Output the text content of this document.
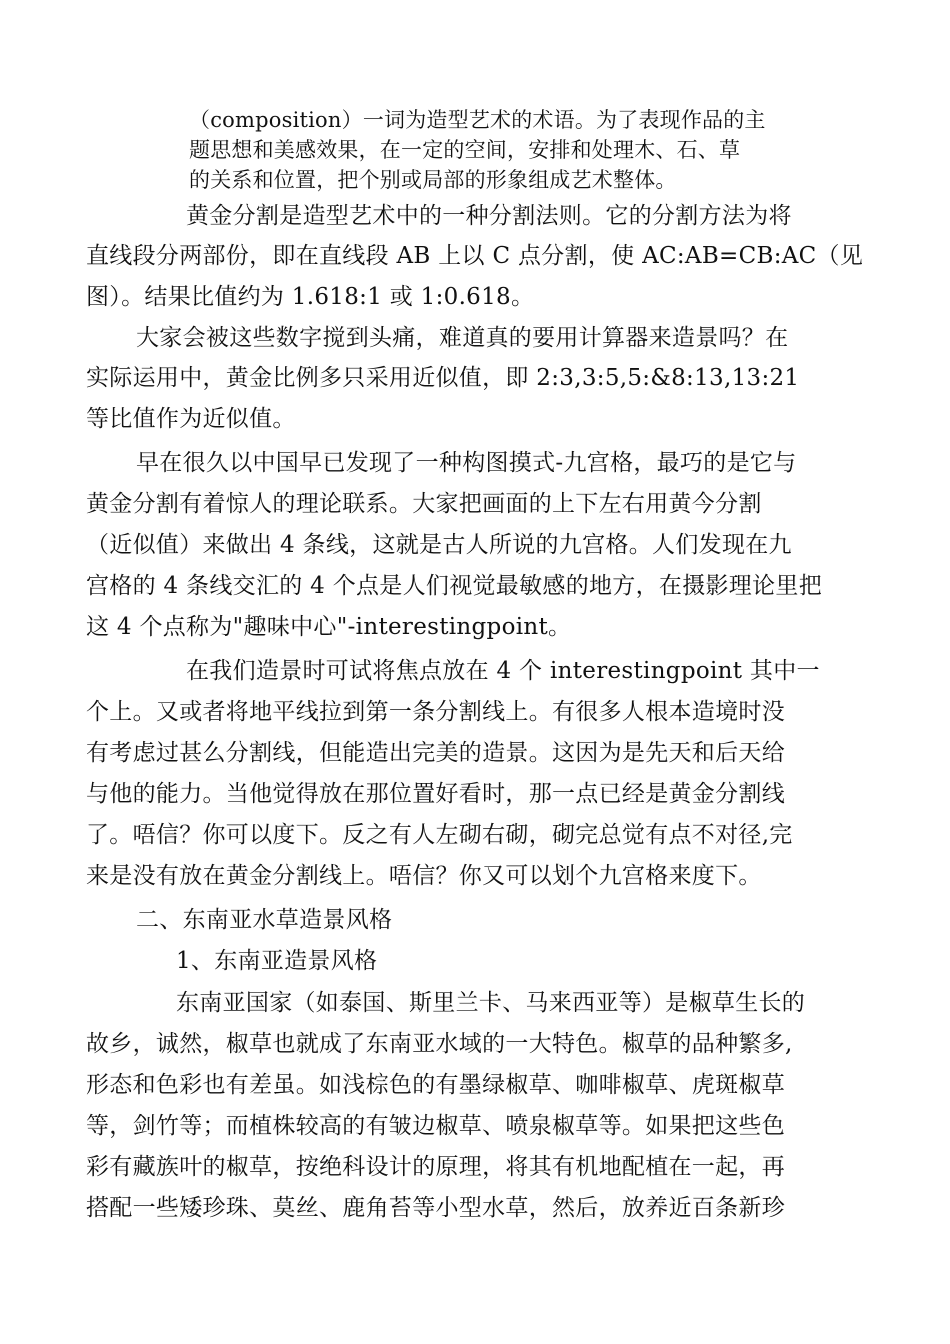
（composition）一词为造型艺术的术语。为了表现作品的主

题思想和美感效果，在一定的空间，安排和处理木、石、草

的关系和位置，把个别或局部的形象组成艺术整体。

黄金分割是造型艺术中的一种分割法则。它的分割方法为将

直线段分两部份，即在直线段 AB 上以 C 点分割，使 AC:AB=CB:AC（见

图）。结果比值约为 1.618:1 或 1:0.618。

大家会被这些数字搅到头痛，难道真的要用计算器来造景吗？在

实际运用中，黄金比例多只采用近似值，即 2:3,3:5,5:&8:13,13:21

等比值作为近似值。

早在很久以中国早已发现了一种构图摸式-九宫格，最巧的是它与

黄金分割有着惊人的理论联系。大家把画面的上下左右用黄今分割

（近似值）来做出 4 条线，这就是古人所说的九宫格。人们发现在九

宫格的 4 条线交汇的 4 个点是人们视觉最敏感的地方，在摄影理论里把

这 4 个点称为"趣味中心"-interestingpoint。

在我们造景时可试将焦点放在 4 个 interestingpoint 其中一

个上。又或者将地平线拉到第一条分割线上。有很多人根本造境时没

有考虑过甚么分割线，但能造出完美的造景。这因为是先天和后天给

与他的能力。当他觉得放在那位置好看时，那一点已经是黄金分割线

了。唔信？你可以度下。反之有人左砌右砌，砌完总觉有点不对径,完

来是没有放在黄金分割线上。唔信？你又可以划个九宫格来度下。

二、东南亚水草造景风格

1、东南亚造景风格

东南亚国家（如泰国、斯里兰卡、马来西亚等）是椒草生长的

故乡，诚然，椒草也就成了东南亚水域的一大特色。椒草的品种繁多,

形态和色彩也有差虽。如浅棕色的有墨绿椒草、咖啡椒草、虎斑椒草

等，剑竹等；而植株较高的有皱边椒草、喷泉椒草等。如果把这些色

彩有藏族叶的椒草，按绝科设计的原理，将其有机地配植在一起，再

搭配一些矮珍珠、莫丝、鹿角苔等小型水草，然后，放养近百条新珍
